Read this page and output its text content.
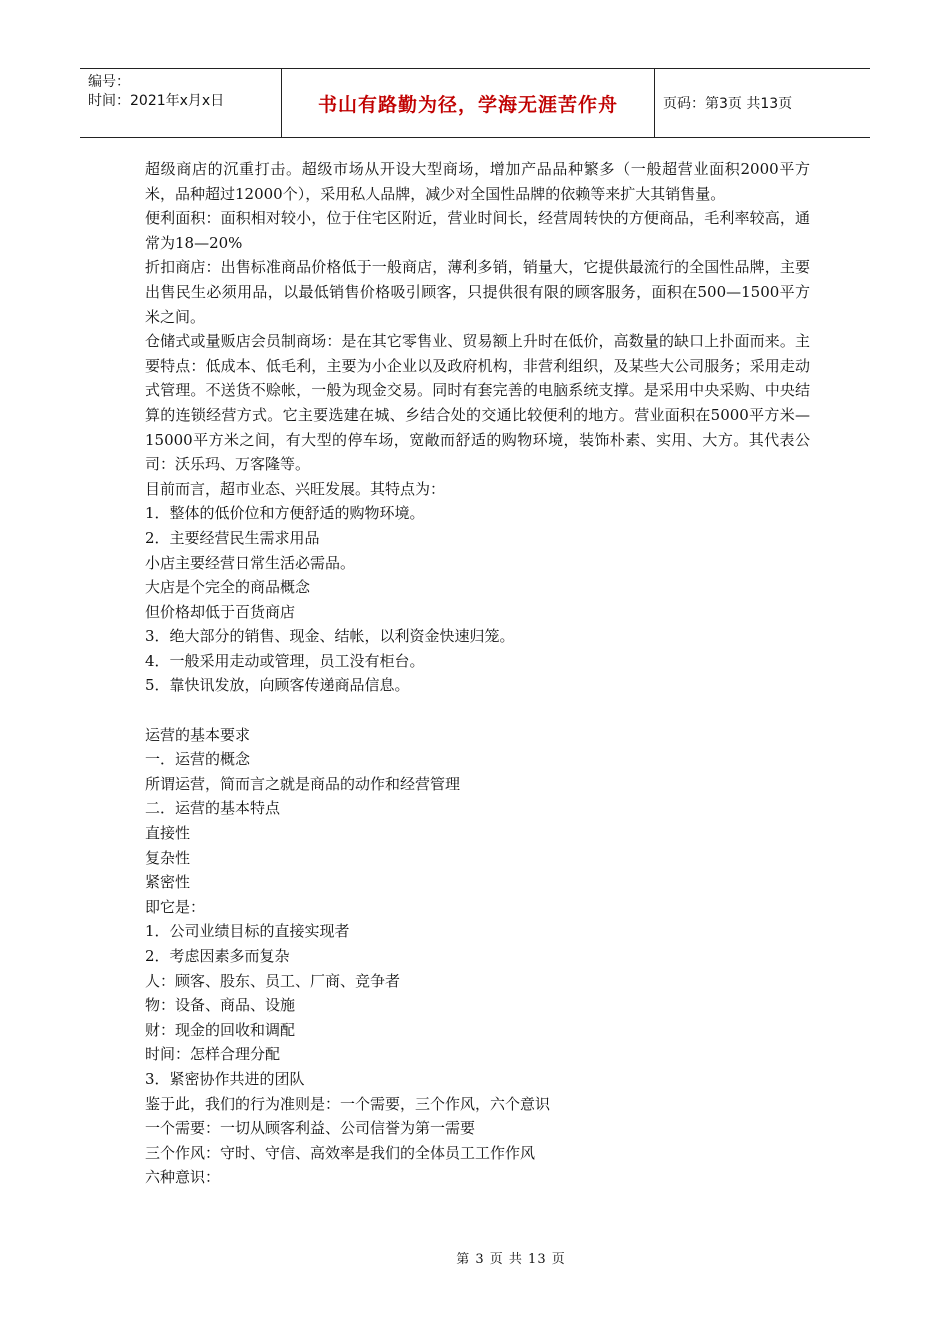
编号：
时间：2021年x月x日	书山有路勤为径，学海无涯苦作舟	页码：第3页 共13页

超级商店的沉重打击。超级市场从开设大型商场，增加产品品种繁多（一般超营业面积2000平方米，品种超过12000个），采用私人品牌，减少对全国性品牌的依赖等来扩大其销售量。

便利面积：面积相对较小，位于住宅区附近，营业时间长，经营周转快的方便商品，毛利率较高，通常为18—20%

折扣商店：出售标准商品价格低于一般商店，薄利多销，销量大，它提供最流行的全国性品牌，主要出售民生必须用品，以最低销售价格吸引顾客，只提供很有限的顾客服务，面积在500—1500平方米之间。

仓储式或量贩店会员制商场：是在其它零售业、贸易额上升时在低价，高数量的缺口上扑面而来。主要特点：低成本、低毛利，主要为小企业以及政府机构，非营利组织，及某些大公司服务；采用走动式管理。不送货不赊帐，一般为现金交易。同时有套完善的电脑系统支撑。是采用中央采购、中央结算的连锁经营方式。它主要选建在城、乡结合处的交通比较便利的地方。营业面积在5000平方米—15000平方米之间，有大型的停车场，宽敞而舒适的购物环境，装饰朴素、实用、大方。其代表公司：沃乐玛、万客隆等。

目前而言，超市业态、兴旺发展。其特点为：

1．整体的低价位和方便舒适的购物环境。

2．主要经营民生需求用品

小店主要经营日常生活必需品。

大店是个完全的商品概念

但价格却低于百货商店

3．绝大部分的销售、现金、结帐，以利资金快速归笼。

4．一般采用走动或管理，员工没有柜台。

5．靠快讯发放，向顾客传递商品信息。

运营的基本要求

一．运营的概念

所谓运营，简而言之就是商品的动作和经营管理

二．运营的基本特点

直接性

复杂性

紧密性

即它是：

1．公司业绩目标的直接实现者

2．考虑因素多而复杂

人：顾客、股东、员工、厂商、竞争者

物：设备、商品、设施

财：现金的回收和调配

时间：怎样合理分配

3．紧密协作共进的团队

鉴于此，我们的行为准则是：一个需要，三个作风，六个意识

一个需要：一切从顾客利益、公司信誉为第一需要

三个作风：守时、守信、高效率是我们的全体员工工作作风

六种意识：

第 3 页 共 13 页
